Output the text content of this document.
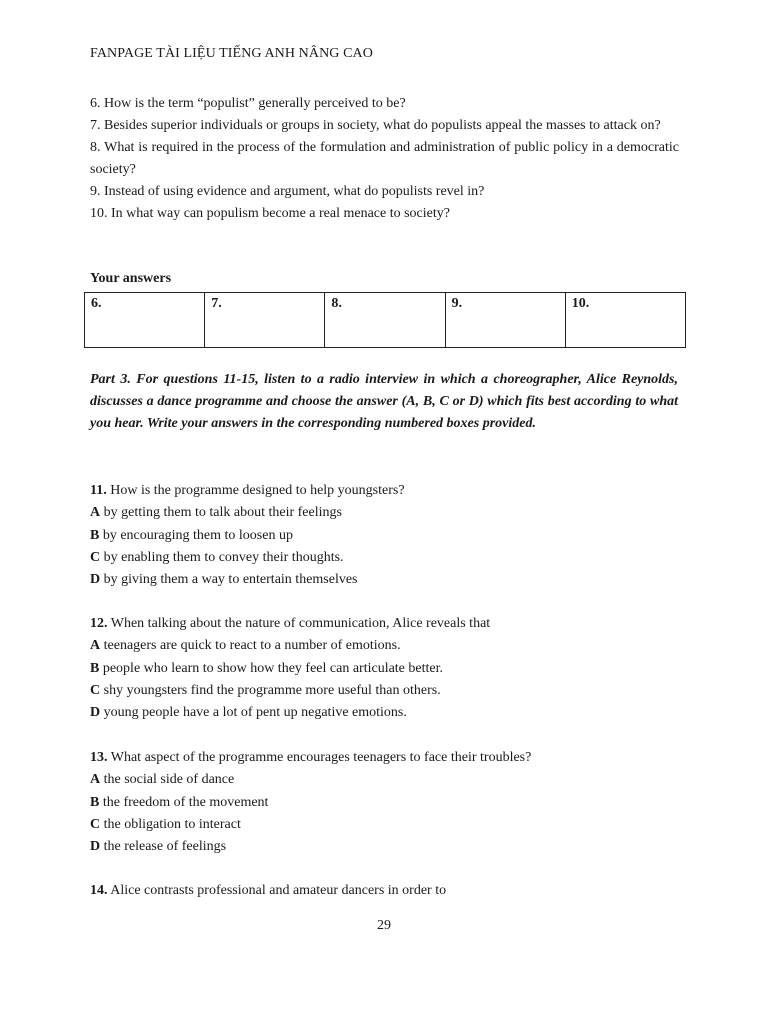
FANPAGE TÀI LIỆU TIẾNG ANH NÂNG CAO
6. How is the term “populist” generally perceived to be?
7. Besides superior individuals or groups in society, what do populists appeal the masses to attack on?
8. What is required in the process of the formulation and administration of public policy in a democratic society?
9. Instead of using evidence and argument, what do populists revel in?
10. In what way can populism become a real menace to society?
Your answers
6.	7.	8.	9.	10.
Part 3. For questions 11-15, listen to a radio interview in which a choreographer, Alice Reynolds, discusses a dance programme and choose the answer (A, B, C or D) which fits best according to what you hear. Write your answers in the corresponding numbered boxes provided.
11. How is the programme designed to help youngsters?
A by getting them to talk about their feelings
B by encouraging them to loosen up
C by enabling them to convey their thoughts.
D by giving them a way to entertain themselves
12. When talking about the nature of communication, Alice reveals that
A teenagers are quick to react to a number of emotions.
B people who learn to show how they feel can articulate better.
C shy youngsters find the programme more useful than others.
D young people have a lot of pent up negative emotions.
13. What aspect of the programme encourages teenagers to face their troubles?
A the social side of dance
B the freedom of the movement
C the obligation to interact
D the release of feelings
14. Alice contrasts professional and amateur dancers in order to
29
